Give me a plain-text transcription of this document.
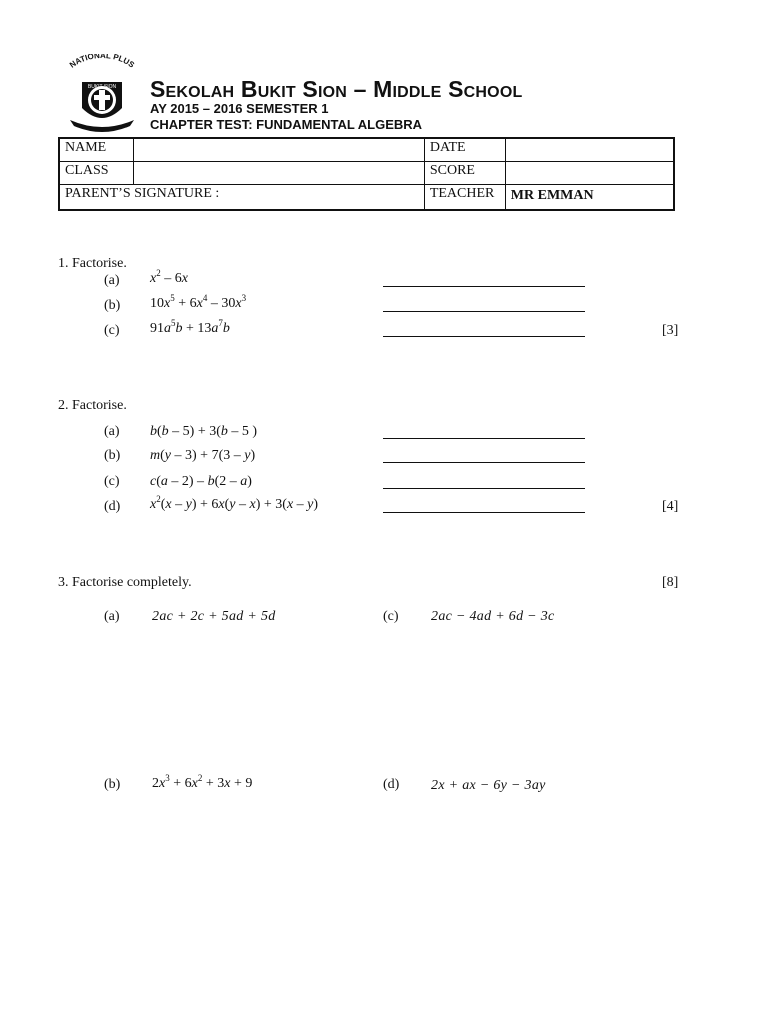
NATIONAL PLUS
BUKIT SION Sekolah Bukit Sion – Middle School
AY 2015 – 2016 SEMESTER 1
CHAPTER TEST: FUNDAMENTAL ALGEBRA
NAME		DATE	
CLASS		SCORE	
PARENT’S SIGNATURE :		TEACHER	MR EMMAN
1. Factorise.
(a) $x^2 - 6x$
(b) $10x^5 + 6x^4 - 30x^3$
(c) $91a^5b + 13a^7b$	[3]
2. Factorise.
(a) b(b – 5) + 3(b – 5 )
(b) m(y – 3) + 7(3 – y)
(c) c(a – 2) – b(2 – a)
(d) $x^2(x - y) + 6x(y - x) + 3(x - y)$	[4]
3. Factorise completely.	[8]
(a) 2ac + 2c + 5ad + 5d	(c) 2ac − 4ad + 6d − 3c
(b) $2x^3 + 6x^2 + 3x + 9$	(d) 2x + ax − 6y − 3ay
